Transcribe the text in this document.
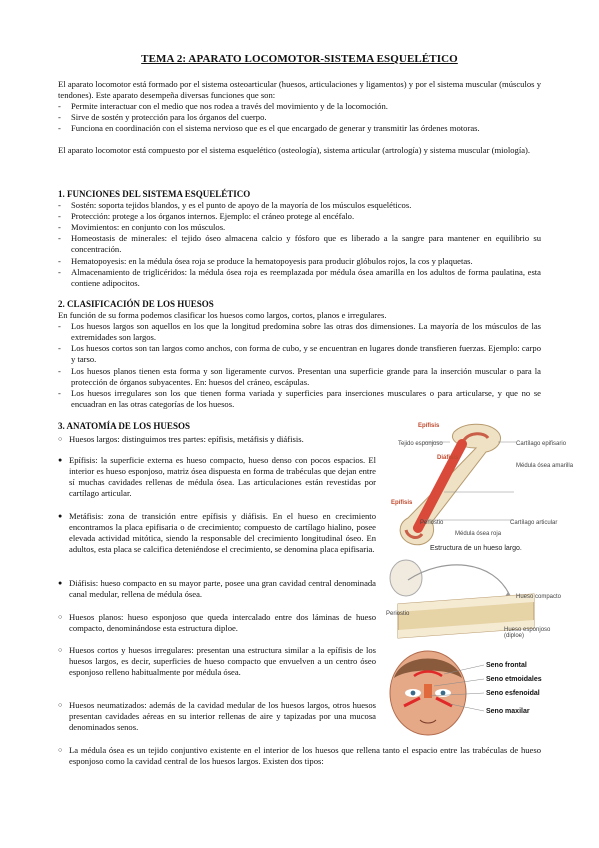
TEMA 2: APARATO LOCOMOTOR-SISTEMA ESQUELÉTICO
El aparato locomotor está formado por el sistema osteoarticular (huesos, articulaciones y ligamentos) y por el sistema muscular (músculos y tendones). Este aparato desempeña diversas funciones que son:
-	Permite interactuar con el medio que nos rodea a través del movimiento y de la locomoción.
-	Sirve de sostén y protección para los órganos del cuerpo.
-	Funciona en coordinación con el sistema nervioso que es el que encargado de generar y transmitir las órdenes motoras.
El aparato locomotor está compuesto por el sistema esquelético (osteología), sistema articular (artrología) y sistema muscular (miología).
1. FUNCIONES DEL SISTEMA ESQUELÉTICO
-	Sostén: soporta tejidos blandos, y es el punto de apoyo de la mayoría de los músculos esqueléticos.
-	Protección: protege a los órganos internos. Ejemplo: el cráneo protege al encéfalo.
-	Movimientos: en conjunto con los músculos.
-	Homeostasis de minerales: el tejido óseo almacena calcio y fósforo que es liberado a la sangre para mantener en equilibrio su concentración.
-	Hematopoyesis: en la médula ósea roja se produce la hematopoyesis para producir glóbulos rojos, la cos y plaquetas.
-	Almacenamiento de triglicéridos: la médula ósea roja es reemplazada por médula ósea amarilla en los adultos de forma paulatina, esta contiene adipocitos.
2. CLASIFICACIÓN DE LOS HUESOS
En función de su forma podemos clasificar los huesos como largos, cortos, planos e irregulares.
-	Los huesos largos son aquellos en los que la longitud predomina sobre las otras dos dimensiones. La mayoría de los músculos de las extremidades son largos.
-	Los huesos cortos son tan largos como anchos, con forma de cubo, y se encuentran en lugares donde transfieren fuerzas. Ejemplo: carpo y tarso.
-	Los huesos planos tienen esta forma y son ligeramente curvos. Presentan una superficie grande para la inserción muscular o para la protección de órganos subyacentes. En: huesos del cráneo, escápulas.
-	Los huesos irregulares son los que tienen forma variada y superficies para inserciones musculares o para articularse, y que no se encuadran en las otras categorías de los huesos.
3. ANATOMÍA DE LOS HUESOS
○ Huesos largos: distinguimos tres partes: epífisis, metáfisis y diáfisis.
● Epífisis: la superficie externa es hueso compacto, hueso denso con pocos espacios. El interior es hueso esponjoso, matriz ósea dispuesta en forma de trabéculas que dejan entre sí muchas cavidades rellenas de médula ósea. Las articulaciones están revestidas por cartílago articular.
● Metáfisis: zona de transición entre epífisis y diáfisis. En el hueso en crecimiento encontramos la placa epifisaria o de crecimiento; compuesto de cartílago hialino, posee elevada actividad mitótica, siendo la responsable del crecimiento longitudinal óseo. En adultos, esta placa se calcifica deteniéndose el crecimiento, se denomina placa epifisaria.
● Diáfisis: hueso compacto en su mayor parte, posee una gran cavidad central denominada canal medular, rellena de médula ósea.
○ Huesos planos: hueso esponjoso que queda intercalado entre dos láminas de hueso compacto, denominándose esta estructura diploe.
○ Huesos cortos y huesos irregulares: presentan una estructura similar a la epífisis de los huesos largos, es decir, superficies de hueso compacto que envuelven a un centro óseo esponjoso relleno habitualmente por médula ósea.
○ Huesos neumatizados: además de la cavidad medular de los huesos largos, otros huesos presentan cavidades aéreas en su interior rellenas de aire y tapizadas por una mucosa denominados senos.
○ La médula ósea es un tejido conjuntivo existente en el interior de los huesos que rellena tanto el espacio entre las trabéculas de hueso esponjoso como la cavidad central de los huesos largos. Existen dos tipos:
Epífisis
Diáfisis
Epífisis
Tejido esponjoso	Cartílago epifisario
Médula ósea amarilla
Periostio
Médula ósea roja
Cartílago articular
Estructura de un hueso largo.
Periostio
Hueso compacto
Hueso esponjoso (diploe)
Seno frontal
Seno etmoidales
Seno esfenoidal
Seno maxilar
